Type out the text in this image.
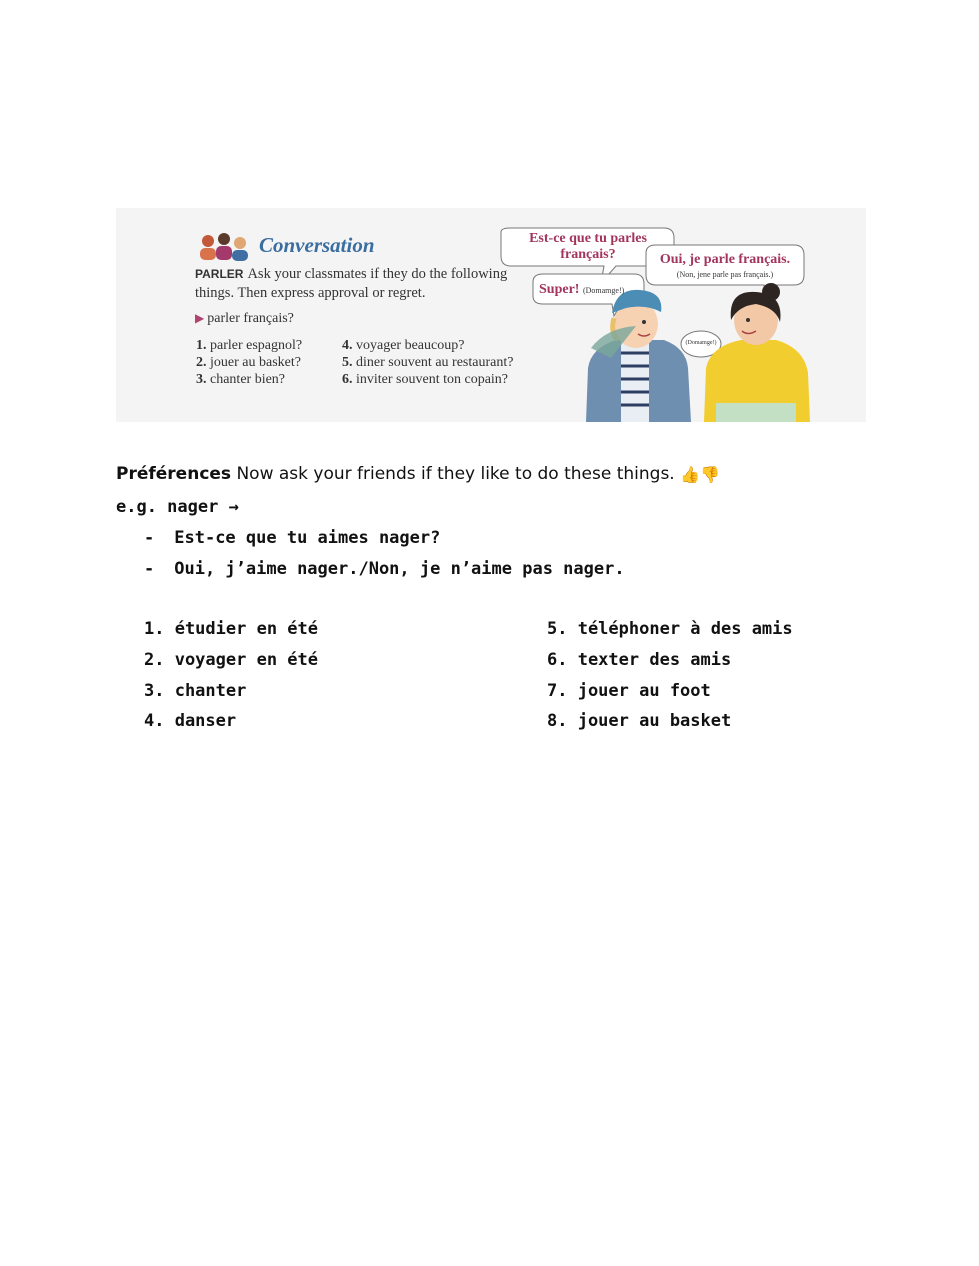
Conversation
PARLER Ask your classmates if they do the following
things. Then express approval or regret.
▶ parler français?
1. parler espagnol?
2. jouer au basket?
3. chanter bien?
4. voyager beaucoup?
5. diner souvent au restaurant?
6. inviter souvent ton copain?
Est-ce que tu parles
français?	Oui, je parle français.
(Non, jene parle pas français.)
Super! (Domamge!)
(Domamge!)
Préférences Now ask your friends if they like to do these things. 👍👎
e.g. nager →
- Est-ce que tu aimes nager?
- Oui, j’aime nager./Non, je n’aime pas nager.
1. étudier en été
2. voyager en été
3. chanter
4. danser
5. téléphoner à des amis
6. texter des amis
7. jouer au foot
8. jouer au basket
